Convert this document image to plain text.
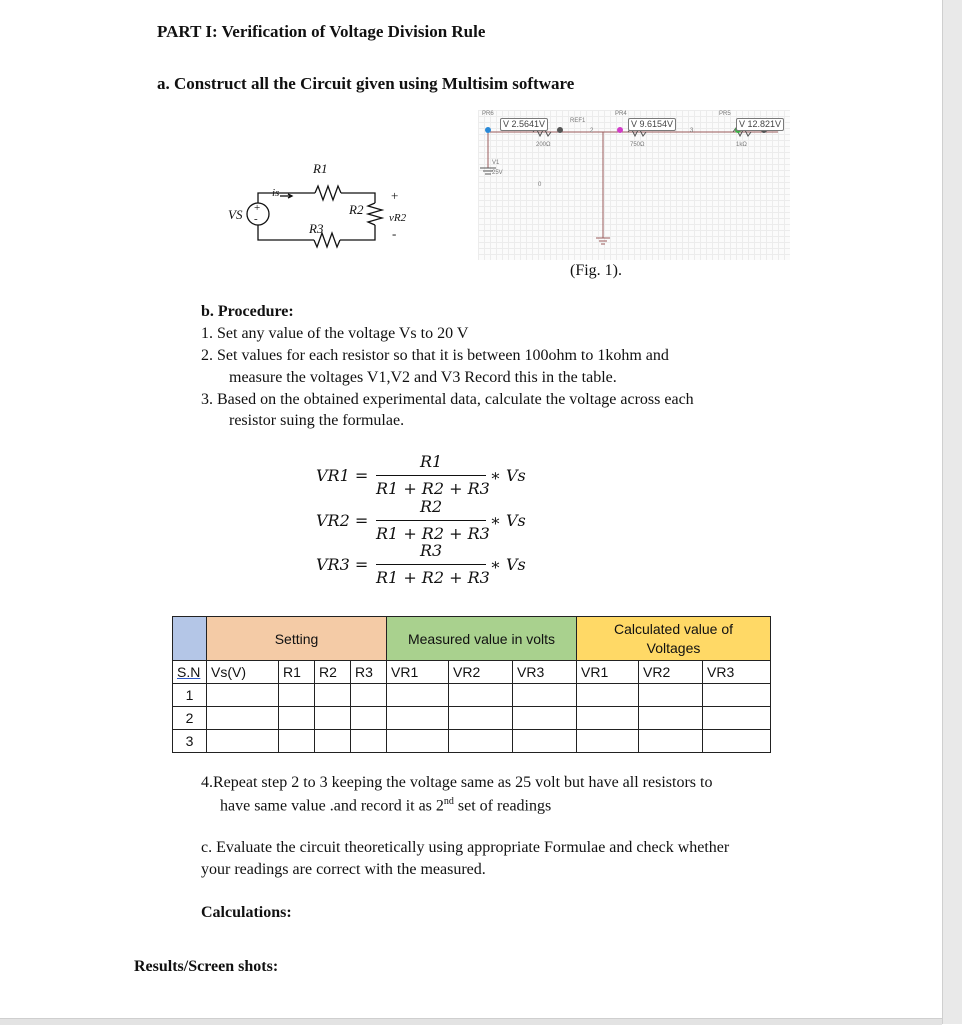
PART I: Verification of Voltage Division Rule
a. Construct all the Circuit given using Multisim software
R1
R2
R3
VS
is
vR2
+
-
+
-
V 2.5641V	V 9.6154V	V 12.821V
REF1
PR6	PR4	PR5
200Ω	750Ω	1kΩ
V1
25V
0
2	3
(Fig. 1).
b. Procedure:
1. Set any value of the voltage Vs to 20 V
2. Set values for each resistor so that it is between 100ohm to 1kohm and
measure the voltages V1,V2 and V3 Record this in the table.
3. Based on the obtained experimental data, calculate the voltage across each
resistor suing the formulae.
VR1 =
R1
R1 + R2 + R3
∗ Vs
VR2 =
R2
R1 + R2 + R3
∗ Vs
VR3 =
R3
R1 + R2 + R3
∗ Vs
	Setting				Measured value in volts			Calculated value of
Voltages		
S.N	Vs(V)	R1	R2	R3	VR1	VR2	VR3	VR1	VR2	VR3
1										
2										
3										
4.Repeat step 2 to 3 keeping the voltage same as 25 volt but have all resistors to
have same value .and record it as 2nd set of readings
c. Evaluate the circuit theoretically using appropriate Formulae and check whether
your readings are correct with the measured.
Calculations:
Results/Screen shots:
